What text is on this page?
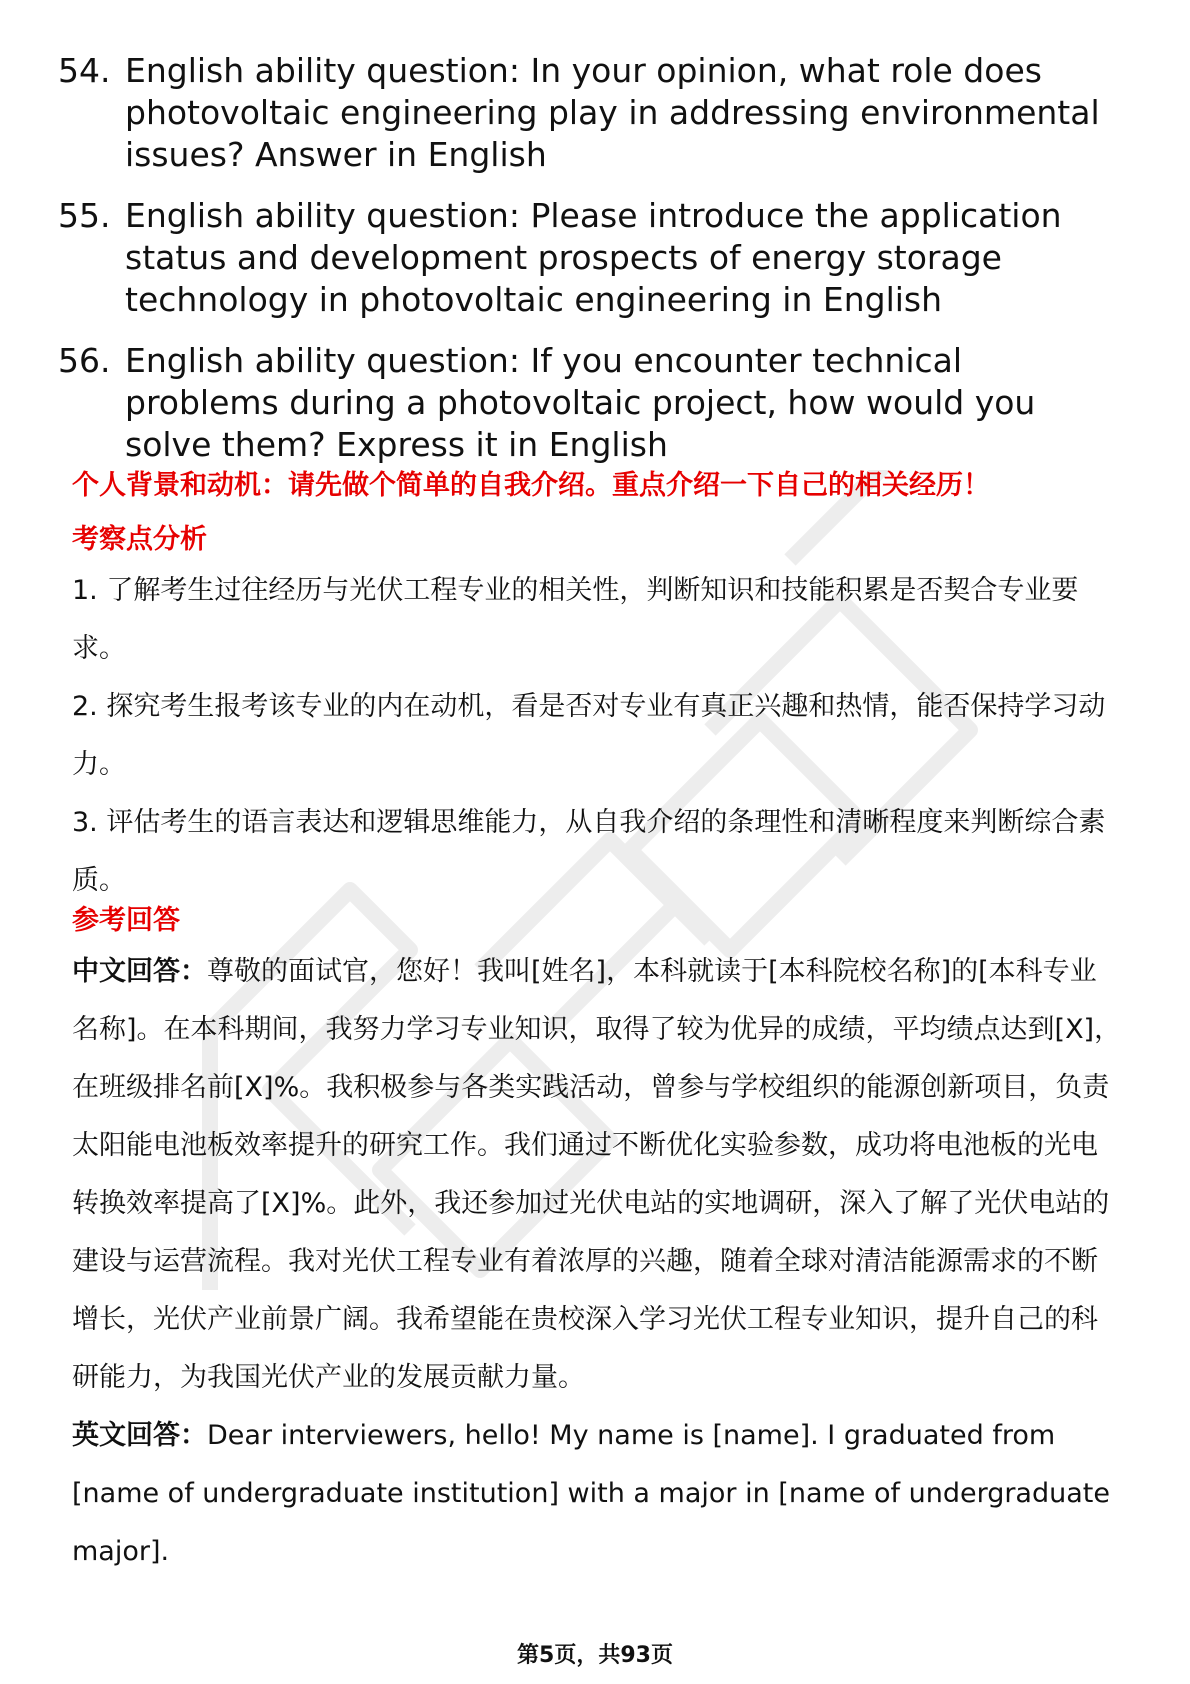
54. English ability question: In your opinion, what role does photovoltaic engineering play in addressing environmental issues? Answer in English
55. English ability question: Please introduce the application status and development prospects of energy storage technology in photovoltaic engineering in English
56. English ability question: If you encounter technical problems during a photovoltaic project, how would you solve them? Express it in English
个人背景和动机：请先做个简单的自我介绍。重点介绍一下自己的相关经历！
考察点分析

1. 了解考生过往经历与光伏工程专业的相关性，判断知识和技能积累是否契合专业要求。

2. 探究考生报考该专业的内在动机，看是否对专业有真正兴趣和热情，能否保持学习动力。

3. 评估考生的语言表达和逻辑思维能力，从自我介绍的条理性和清晰程度来判断综合素质。

参考回答

中文回答：尊敬的面试官，您好！我叫[姓名]，本科就读于[本科院校名称]的[本科专业名称]。在本科期间，我努力学习专业知识，取得了较为优异的成绩，平均绩点达到[X]，在班级排名前[X]%。我积极参与各类实践活动，曾参与学校组织的能源创新项目，负责太阳能电池板效率提升的研究工作。我们通过不断优化实验参数，成功将电池板的光电转换效率提高了[X]%。此外，我还参加过光伏电站的实地调研，深入了解了光伏电站的建设与运营流程。我对光伏工程专业有着浓厚的兴趣，随着全球对清洁能源需求的不断增长，光伏产业前景广阔。我希望能在贵校深入学习光伏工程专业知识，提升自己的科研能力，为我国光伏产业的发展贡献力量。

英文回答：Dear interviewers, hello! My name is [name]. I graduated from [name of undergraduate institution] with a major in [name of undergraduate major].

第5页，共93页
